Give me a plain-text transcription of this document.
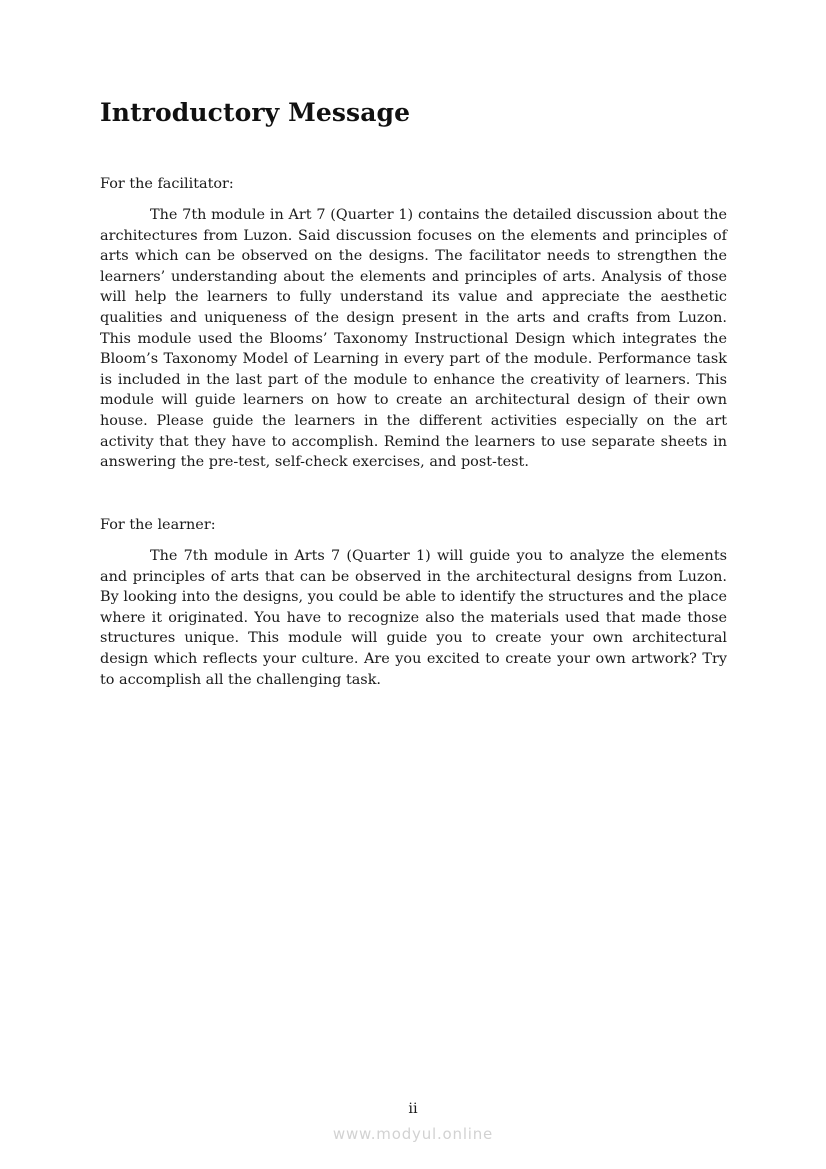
Introductory Message

For the facilitator:

The 7th module in Art 7 (Quarter 1) contains the detailed discussion about the architectures from Luzon. Said discussion focuses on the elements and principles of arts which can be observed on the designs. The facilitator needs to strengthen the learners’ understanding about the elements and principles of arts. Analysis of those will help the learners to fully understand its value and appreciate the aesthetic qualities and uniqueness of the design present in the arts and crafts from Luzon. This module used the Blooms’ Taxonomy Instructional Design which integrates the Bloom’s Taxonomy Model of Learning in every part of the module. Performance task is included in the last part of the module to enhance the creativity of learners. This module will guide learners on how to create an architectural design of their own house. Please guide the learners in the different activities especially on the art activity that they have to accomplish. Remind the learners to use separate sheets in answering the pre-test, self-check exercises, and post-test.

For the learner:

The 7th module in Arts 7 (Quarter 1) will guide you to analyze the elements and principles of arts that can be observed in the architectural designs from Luzon. By looking into the designs, you could be able to identify the structures and the place where it originated. You have to recognize also the materials used that made those structures unique. This module will guide you to create your own architectural design which reflects your culture. Are you excited to create your own artwork? Try to accomplish all the challenging task.

ii

www.modyul.online
